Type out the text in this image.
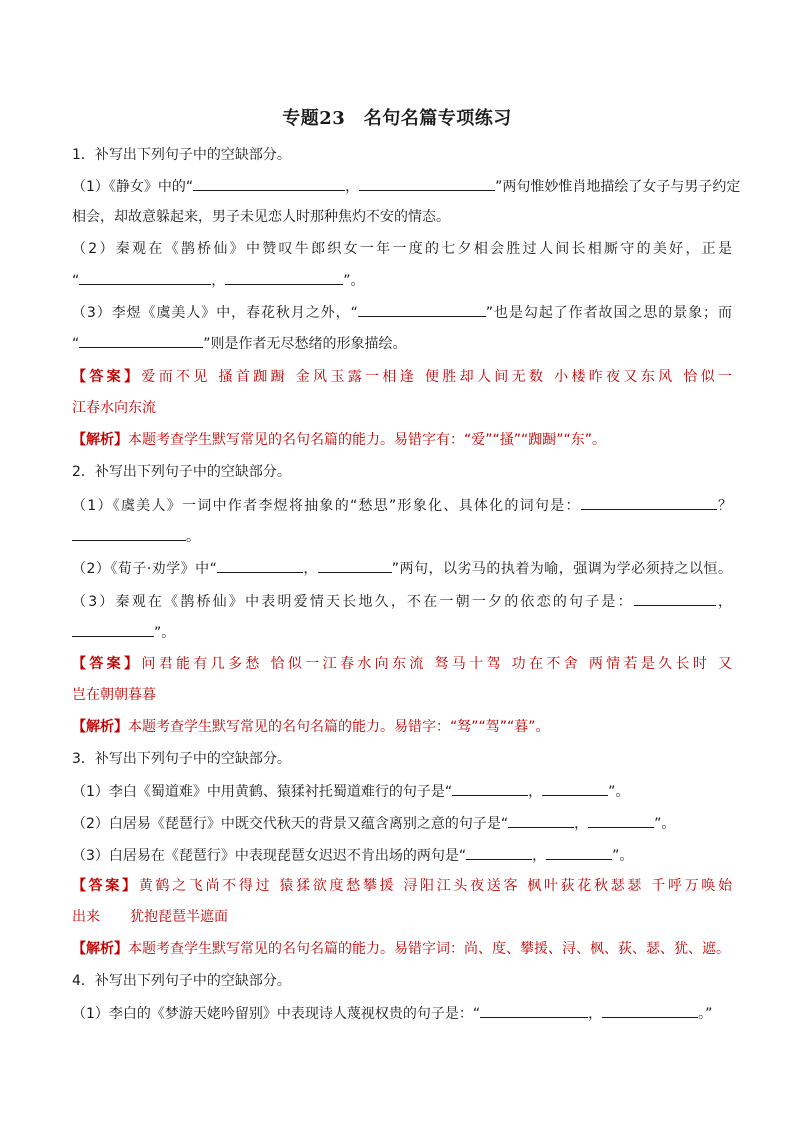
专题23　名句名篇专项练习
1．补写出下列句子中的空缺部分。
（1）《静女》中的“	，	”两句惟妙惟肖地描绘了女子与男子约定
相会，却故意躲起来，男子未见恋人时那种焦灼不安的情态。
（2）秦观在《鹊桥仙》中赞叹牛郎织女一年一度的七夕相会胜过人间长相厮守的美好，正是
“	，	”。
（3）李煜《虞美人》中，春花秋月之外，“	”也是勾起了作者故国之思的景象；而
“	”则是作者无尽愁绪的形象描绘。
【答案】爱而不见 搔首踟蹰 金风玉露一相逢 便胜却人间无数 小楼昨夜又东风 恰似一
江春水向东流
【解析】本题考查学生默写常见的名句名篇的能力。易错字有：“爱”“搔”“踟蹰”“东”。
2．补写出下列句子中的空缺部分。
（1）《虞美人》一词中作者李煜将抽象的“愁思”形象化、具体化的词句是：	？
。
（2）《荀子·劝学》中“	，	”两句，以劣马的执着为喻，强调为学必须持之以恒。
（3）秦观在《鹊桥仙》中表明爱情天长地久，不在一朝一夕的依恋的句子是：	，
”。
【答案】问君能有几多愁 恰似一江春水向东流 驽马十驾 功在不舍 两情若是久长时 又
岂在朝朝暮暮
【解析】本题考查学生默写常见的名句名篇的能力。易错字：“驽”“驾”“暮”。
3．补写出下列句子中的空缺部分。
（1）李白《蜀道难》中用黄鹤、猿猱衬托蜀道难行的句子是“	，	”。
（2）白居易《琵琶行》中既交代秋天的背景又蕴含离别之意的句子是“	，	”。
（3）白居易在《琵琶行》中表现琵琶女迟迟不肯出场的两句是“	，	”。
【答案】黄鹤之飞尚不得过 猿猱欲度愁攀援 浔阳江头夜送客 枫叶荻花秋瑟瑟 千呼万唤始
出来 犹抱琵琶半遮面
【解析】本题考查学生默写常见的名句名篇的能力。易错字词：尚、度、攀援、浔、枫、荻、瑟、犹、遮。
4．补写出下列句子中的空缺部分。
（1）李白的《梦游天姥吟留别》中表现诗人蔑视权贵的句子是：“	，	。”
